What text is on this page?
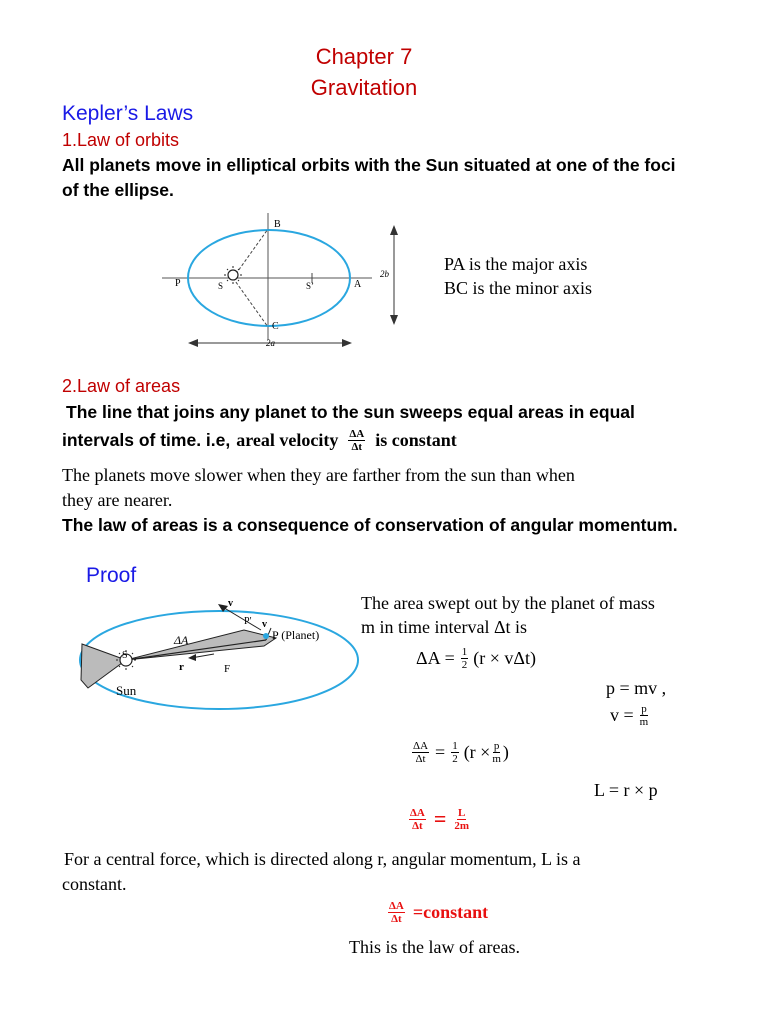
Chapter 7
Gravitation
Kepler’s Laws
1.Law of orbits
All planets move in elliptical orbits with the Sun situated at one of the foci
of the ellipse.
B
C
P	S	S’	A
2b
2a
PA is the major axis
BC is the minor axis
2.Law of areas
The line that joins any planet to the sun sweeps equal areas in equal
intervals of time. i.e, areal velocity $\frac{\Delta A}{\Delta t}$ is constant
The planets move slower when they are farther from the sun than when
they are nearer.
The law of areas is a consequence of conservation of angular momentum.
Proof
v
P′ v
P (Planet)
ΔA
S
r	F
Sun
The area swept out by the planet of mass
m in time interval Δt is
$\Delta A = \frac{1}{2} (r \times v\Delta t)$
p = mv ,
$v = \frac{p}{m}$
$\frac{\Delta A}{\Delta t} = \frac{1}{2} (r \times \frac{p}{m}$ )
L = r × p
$\frac{\Delta A}{\Delta t} = \frac{L}{2m}$
For a central force, which is directed along r, angular momentum, L is a
constant.
$\frac{\Delta A}{\Delta t}$ =constant
This is the law of areas.
